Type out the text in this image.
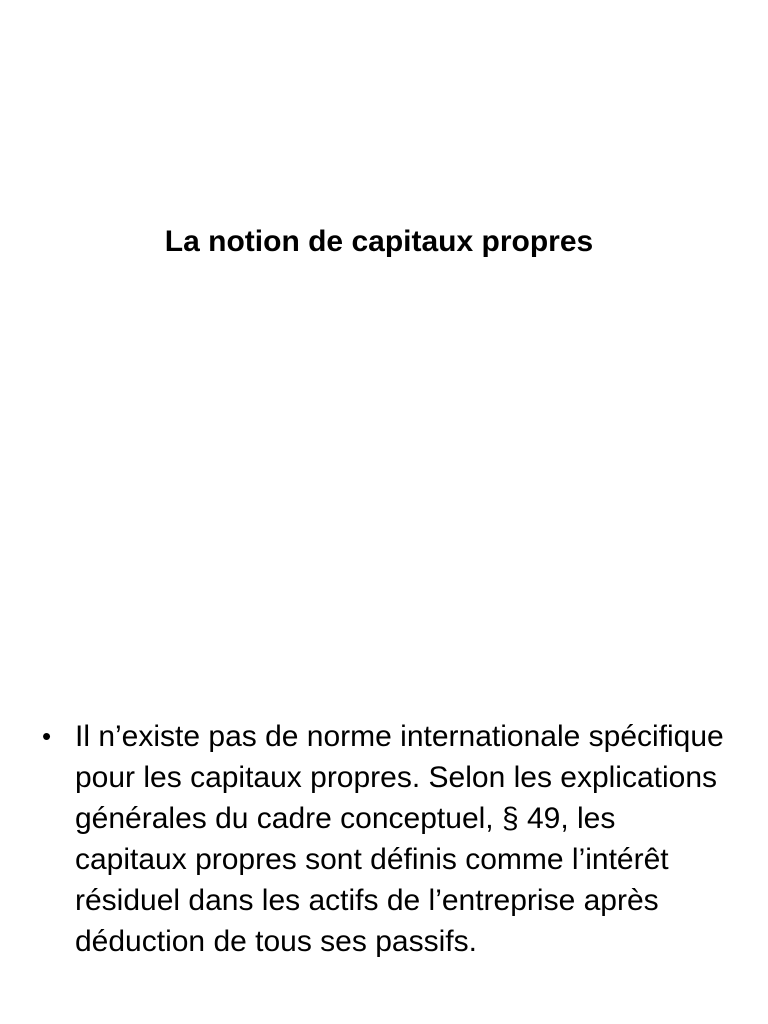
La notion de capitaux propres
• Il n’existe pas de norme internationale spécifique pour les capitaux propres. Selon les explications générales du cadre conceptuel, § 49, les capitaux propres sont définis comme l’intérêt résiduel dans les actifs de l’entreprise après déduction de tous ses passifs.
